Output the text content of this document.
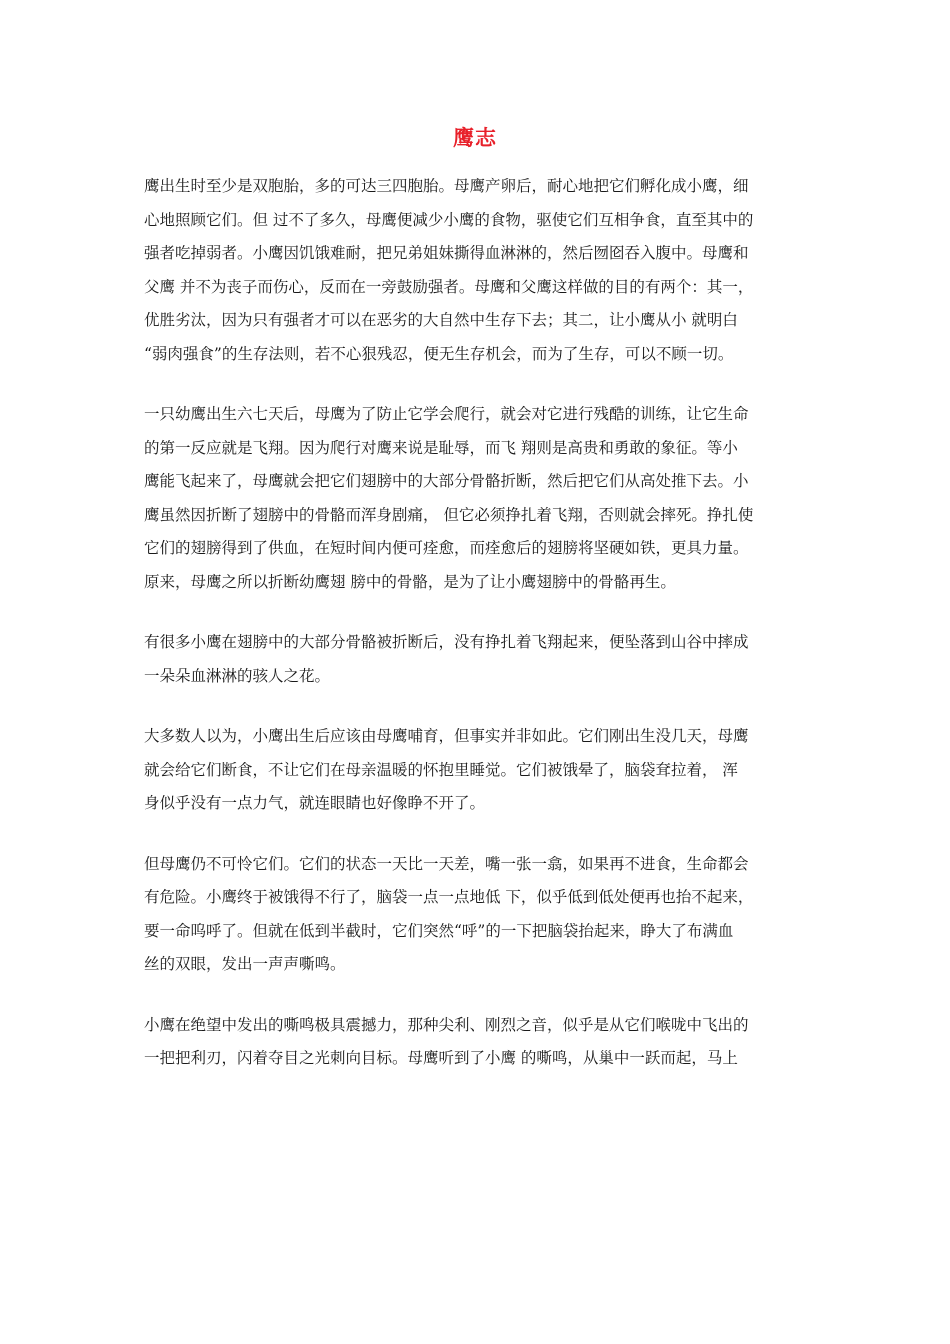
鹰志
鹰出生时至少是双胞胎，多的可达三四胞胎。母鹰产卵后，耐心地把它们孵化成小鹰，细
心地照顾它们。但 过不了多久，母鹰便减少小鹰的食物，驱使它们互相争食，直至其中的
强者吃掉弱者。小鹰因饥饿难耐，把兄弟姐妹撕得血淋淋的，然后囫囵吞入腹中。母鹰和
父鹰 并不为丧子而伤心，反而在一旁鼓励强者。母鹰和父鹰这样做的目的有两个：其一，
优胜劣汰，因为只有强者才可以在恶劣的大自然中生存下去；其二，让小鹰从小 就明白
“弱肉强食”的生存法则，若不心狠残忍，便无生存机会，而为了生存，可以不顾一切。
一只幼鹰出生六七天后，母鹰为了防止它学会爬行，就会对它进行残酷的训练，让它生命
的第一反应就是飞翔。因为爬行对鹰来说是耻辱，而飞 翔则是高贵和勇敢的象征。等小
鹰能飞起来了，母鹰就会把它们翅膀中的大部分骨骼折断，然后把它们从高处推下去。小
鹰虽然因折断了翅膀中的骨骼而浑身剧痛， 但它必须挣扎着飞翔，否则就会摔死。挣扎使
它们的翅膀得到了供血，在短时间内便可痊愈，而痊愈后的翅膀将坚硬如铁，更具力量。
原来，母鹰之所以折断幼鹰翅 膀中的骨骼，是为了让小鹰翅膀中的骨骼再生。
有很多小鹰在翅膀中的大部分骨骼被折断后，没有挣扎着飞翔起来，便坠落到山谷中摔成
一朵朵血淋淋的骇人之花。
大多数人以为，小鹰出生后应该由母鹰哺育，但事实并非如此。它们刚出生没几天，母鹰
就会给它们断食，不让它们在母亲温暖的怀抱里睡觉。它们被饿晕了，脑袋耷拉着， 浑
身似乎没有一点力气，就连眼睛也好像睁不开了。
但母鹰仍不可怜它们。它们的状态一天比一天差，嘴一张一翕，如果再不进食，生命都会
有危险。小鹰终于被饿得不行了，脑袋一点一点地低 下，似乎低到低处便再也抬不起来，
要一命呜呼了。但就在低到半截时，它们突然“呼”的一下把脑袋抬起来，睁大了布满血
丝的双眼，发出一声声嘶鸣。
小鹰在绝望中发出的嘶鸣极具震撼力，那种尖利、刚烈之音，似乎是从它们喉咙中飞出的
一把把利刃，闪着夺目之光刺向目标。母鹰听到了小鹰 的嘶鸣，从巢中一跃而起，马上
